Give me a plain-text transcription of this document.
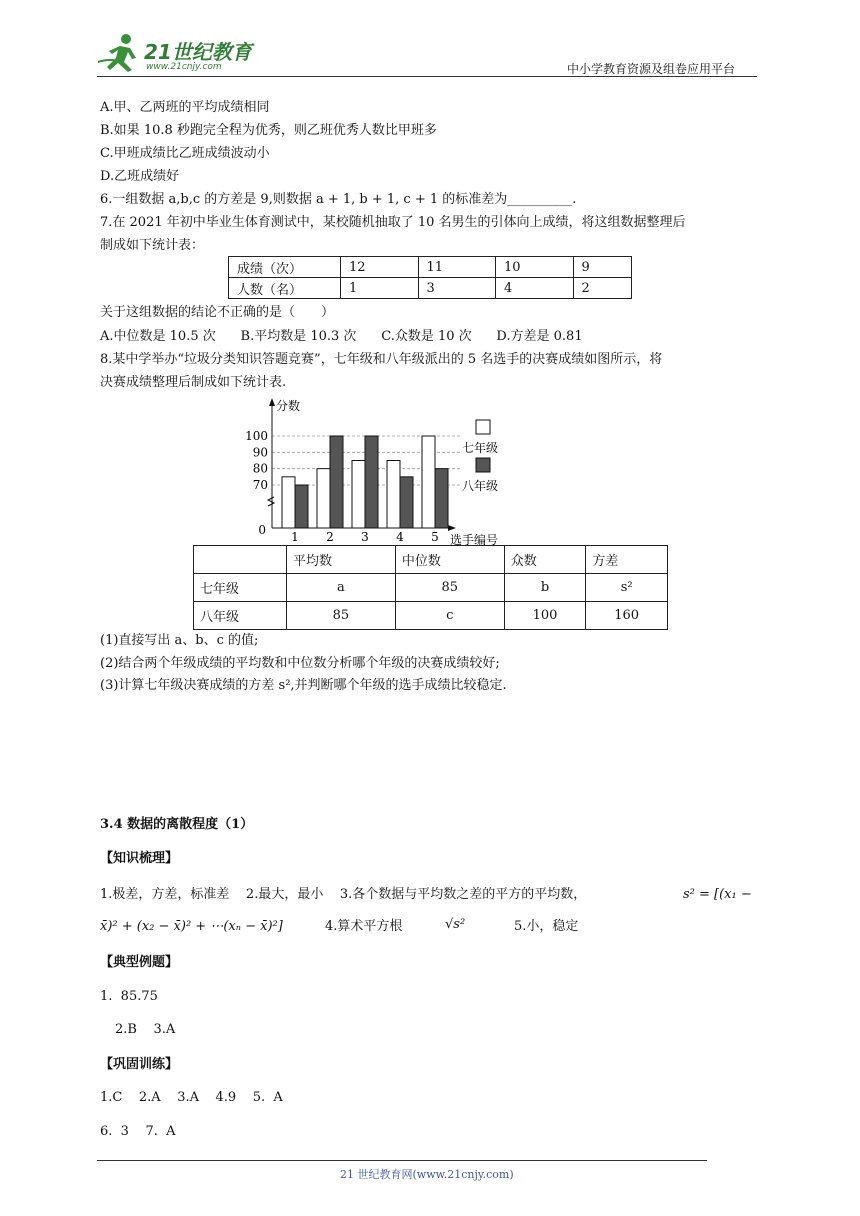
21世纪教育
www.21cnjy.com	中小学教育资源及组卷应用平台
A.甲、乙两班的平均成绩相同
B.如果 10.8 秒跑完全程为优秀，则乙班优秀人数比甲班多
C.甲班成绩比乙班成绩波动小
D.乙班成绩好
6.一组数据 a,b,c 的方差是 9,则数据 a + 1, b + 1, c + 1 的标准差为__________.
7.在 2021 年初中毕业生体育测试中，某校随机抽取了 10 名男生的引体向上成绩，将这组数据整理后
制成如下统计表：
成绩（次）	12	11	10	9
人数（名）	1	3	4	2
关于这组数据的结论不正确的是（　　）
A.中位数是 10.5 次      B.平均数是 10.3 次      C.众数是 10 次      D.方差是 0.81
8.某中学举办“垃圾分类知识答题竞赛”，七年级和八年级派出的 5 名选手的决赛成绩如图所示，将
决赛成绩整理后制成如下统计表.
分数
100
90
80
70
0 1 2 3 4 5 选手编号
七年级
八年级
	平均数	中位数	众数	方差
七年级	a	85	b	s²
八年级	85	c	100	160
(1)直接写出 a、b、c 的值;
(2)结合两个年级成绩的平均数和中位数分析哪个年级的决赛成绩较好;
(3)计算七年级决赛成绩的方差 s²,并判断哪个年级的选手成绩比较稳定.
3.4 数据的离散程度（1）
【知识梳理】
1.极差，方差，标准差    2.最大，最小    3.各个数据与平均数之差的平方的平均数，	s² = [(x₁ −
x̄)² + (x₂ − x̄)² + ⋯(xₙ − x̄)²]	4.算术平方根	√s²	5.小，稳定
【典型例题】
1.  85.75
2.B    3.A
【巩固训练】
1.C    2.A    3.A    4.9    5.  A
6.  3    7.  A
21 世纪教育网(www.21cnjy.com)
